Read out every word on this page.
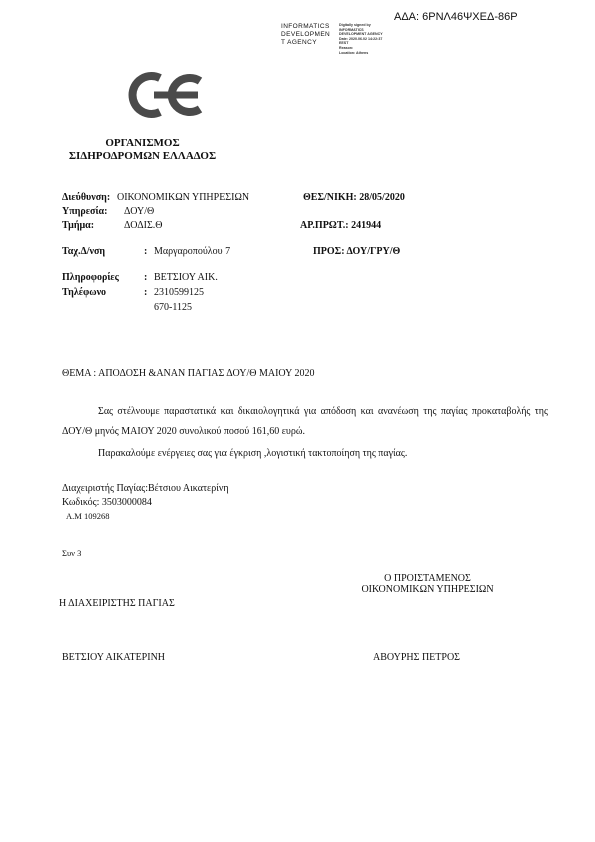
ΑΔΑ: 6ΡΝΛ46ΨΧΕΔ-86Ρ
INFORMATICS
DEVELOPMEN
T AGENCY
Digitally signed by
INFORMATICS
DEVELOPMENT AGENCY
Date: 2020.06.02 14:22:37
EEST
Reason:
Location: Athens
ΟΡΓΑΝΙΣΜΟΣ
ΣΙΔΗΡΟΔΡΟΜΩΝ ΕΛΛΑΔΟΣ
Διεύθυνση: ΟΙΚΟΝΟΜΙΚΩΝ ΥΠΗΡΕΣΙΩΝ	ΘΕΣ/ΝΙΚΗ: 28/05/2020
Υπηρεσία: ΔΟΥ/Θ
Τμήμα:	ΔΟΔΙΣ.Θ	ΑΡ.ΠΡΩΤ.: 241944
Ταχ.Δ/νση	: Μαργαροπούλου 7	ΠΡΟΣ: ΔΟΥ/ΓΡΥ/Θ
Πληροφορίες	: ΒΕΤΣΙΟΥ ΑΙΚ.
Τηλέφωνο	: 2310599125
670-1125
ΘΕΜΑ : ΑΠΟΔΟΣΗ &ΑΝΑΝ ΠΑΓΙΑΣ ΔΟΥ/Θ ΜΑΙΟΥ 2020
Σας στέλνουμε παραστατικά και δικαιολογητικά για απόδοση και ανανέωση της παγίας προκαταβολής της ΔΟΥ/Θ μηνός ΜΑΙΟΥ 2020 συνολικού ποσού 161,60 ευρώ.
Παρακαλούμε ενέργειες σας για έγκριση ,λογιστική τακτοποίηση της παγίας.
Διαχειριστής Παγίας:Βέτσιου Αικατερίνη
Κωδικός: 3503000084
Α.Μ 109268
Συν 3
Ο ΠΡΟΙΣΤΑΜΕΝΟΣ
ΟΙΚΟΝΟΜΙΚΩΝ ΥΠΗΡΕΣΙΩΝ
Η ΔΙΑΧΕΙΡΙΣΤΗΣ ΠΑΓΙΑΣ
ΒΕΤΣΙΟΥ ΑΙΚΑΤΕΡΙΝΗ	ΑΒΟΥΡΗΣ ΠΕΤΡΟΣ
